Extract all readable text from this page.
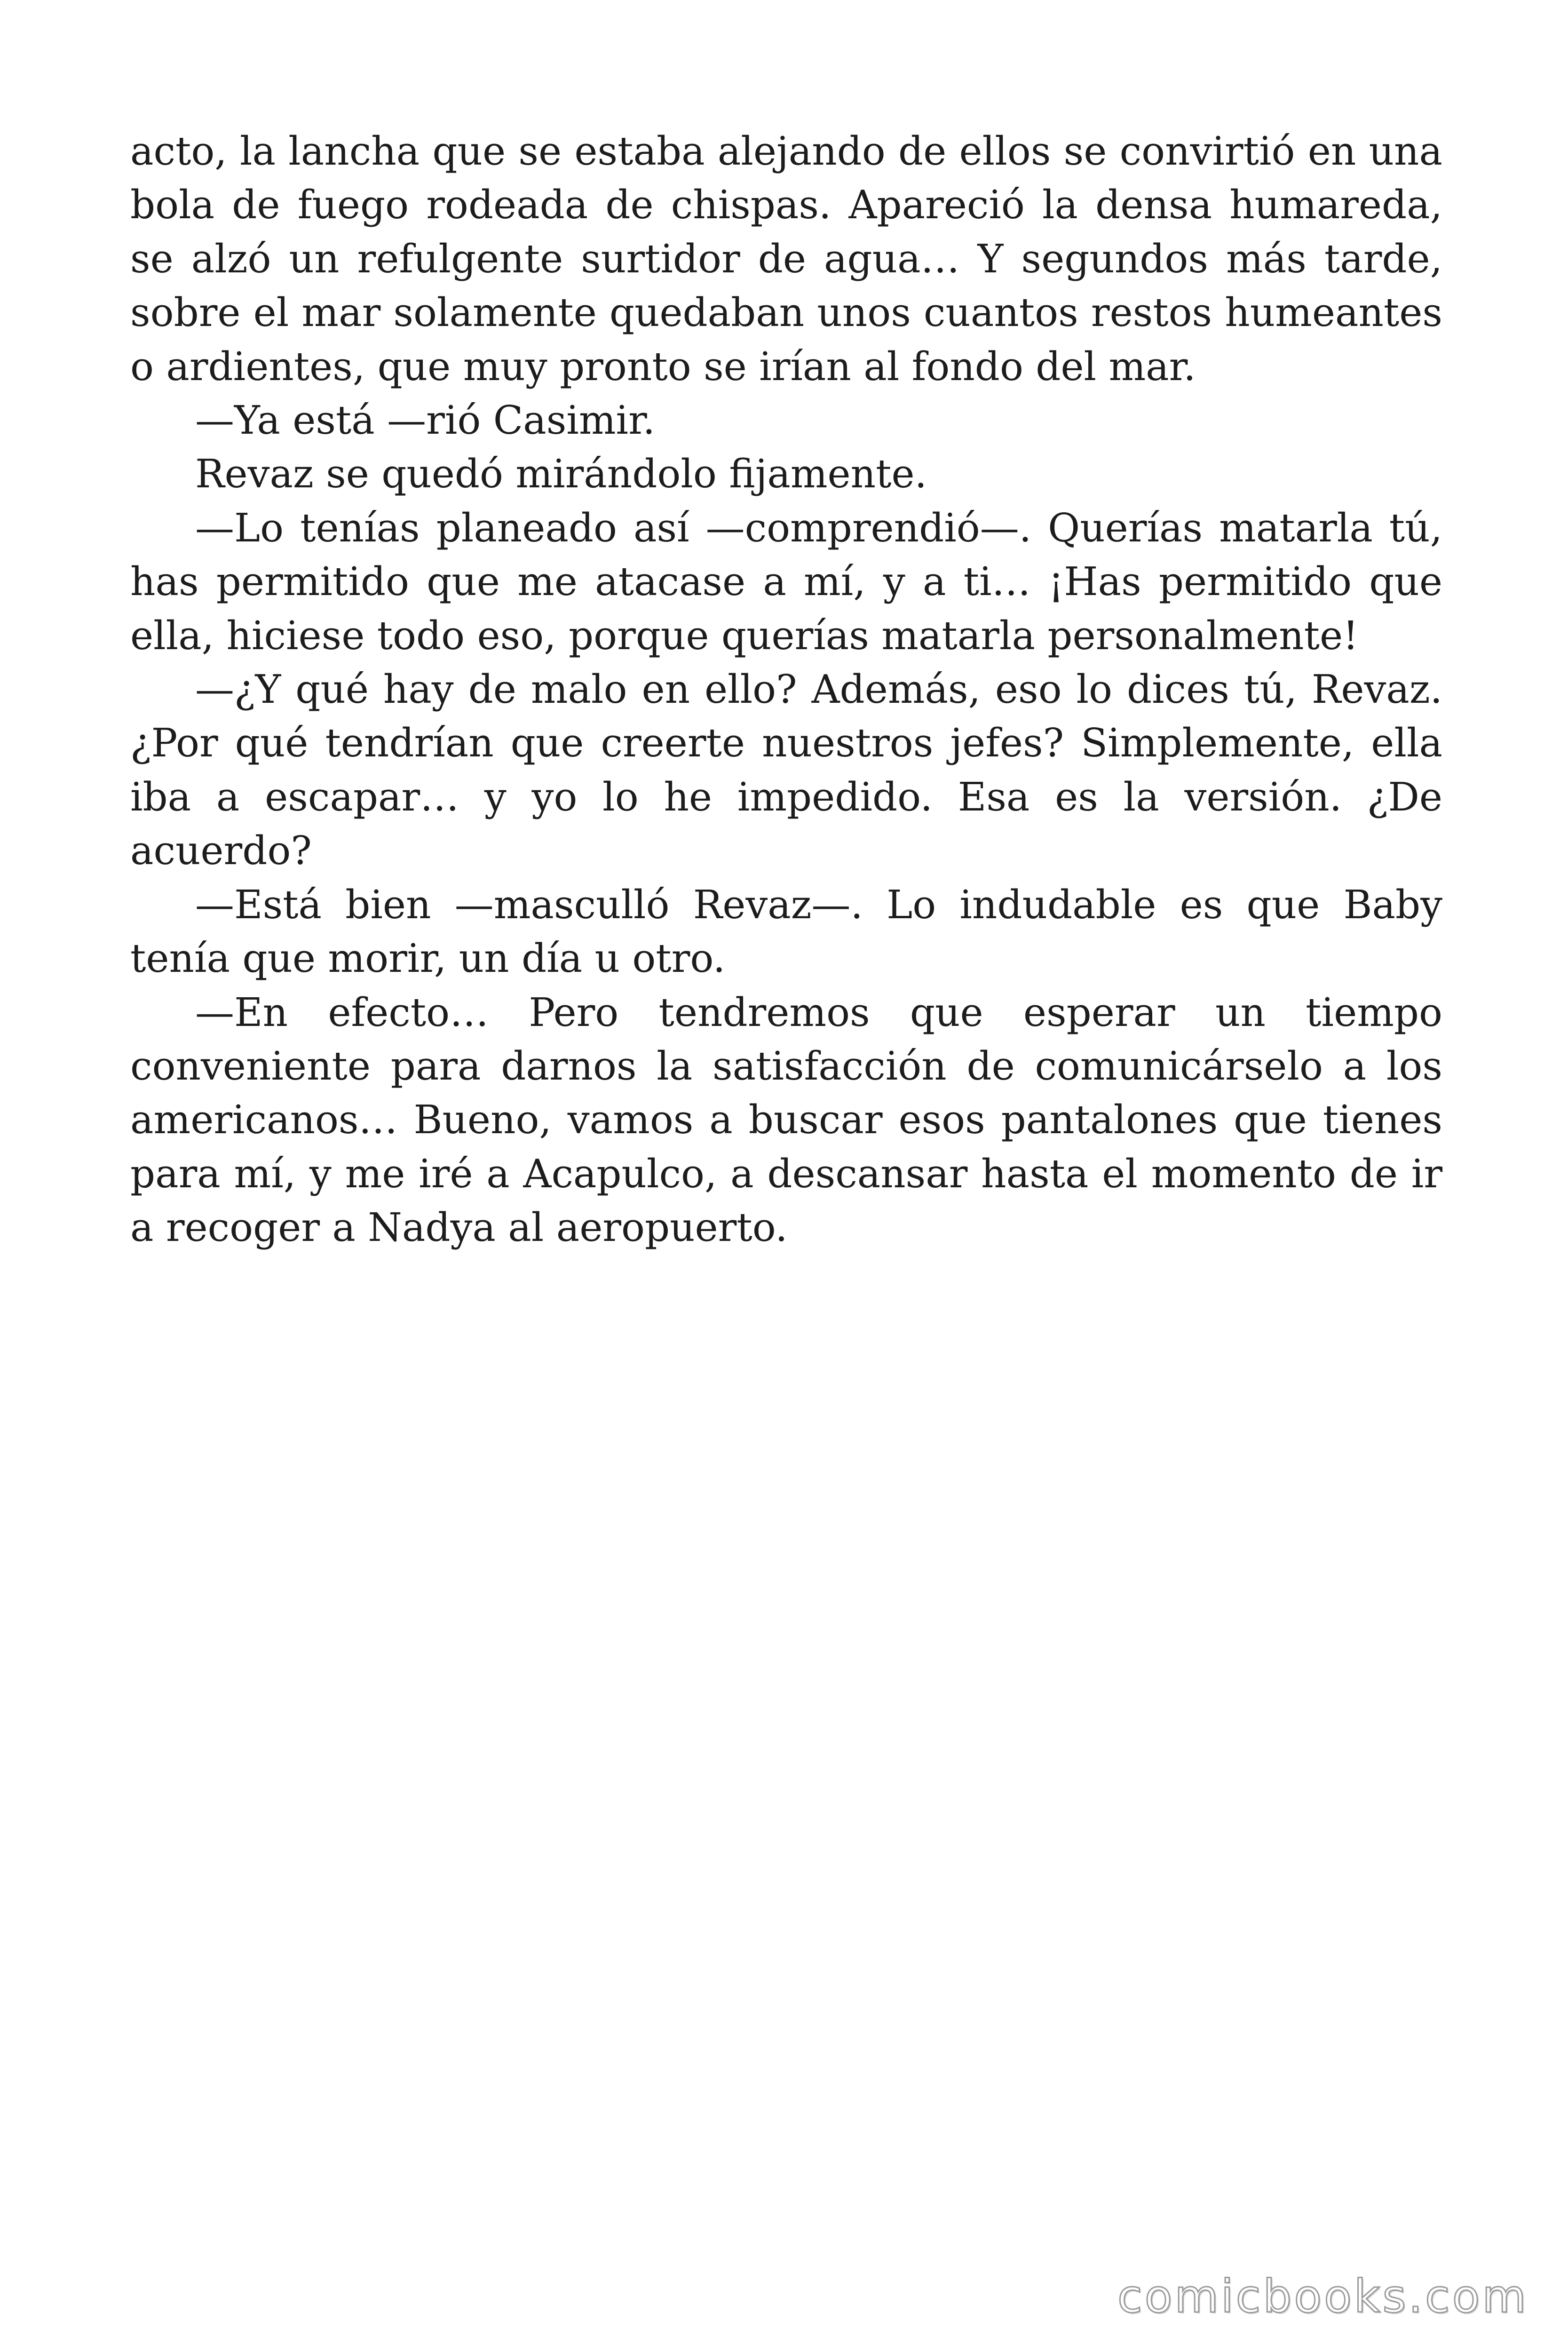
acto, la lancha que se estaba alejando de ellos se convirtió en una bola de fuego rodeada de chispas. Apareció la densa humareda, se alzó un refulgente surtidor de agua… Y segundos más tarde, sobre el mar solamente quedaban unos cuantos restos humeantes o ardientes, que muy pronto se irían al fondo del mar.

—Ya está —rió Casimir.

Revaz se quedó mirándolo fijamente.

—Lo tenías planeado así —comprendió—. Querías matarla tú, has permitido que me atacase a mí, y a ti… ¡Has permitido que ella, hiciese todo eso, porque querías matarla personalmente!

—¿Y qué hay de malo en ello? Además, eso lo dices tú, Revaz. ¿Por qué tendrían que creerte nuestros jefes? Simplemente, ella iba a escapar… y yo lo he impedido. Esa es la versión. ¿De acuerdo?

—Está bien —masculló Revaz—. Lo indudable es que Baby tenía que morir, un día u otro.

—En efecto… Pero tendremos que esperar un tiempo conveniente para darnos la satisfacción de comunicárselo a los americanos… Bueno, vamos a buscar esos pantalones que tienes para mí, y me iré a Acapulco, a descansar hasta el momento de ir a recoger a Nadya al aeropuerto.

comicbooks.com
